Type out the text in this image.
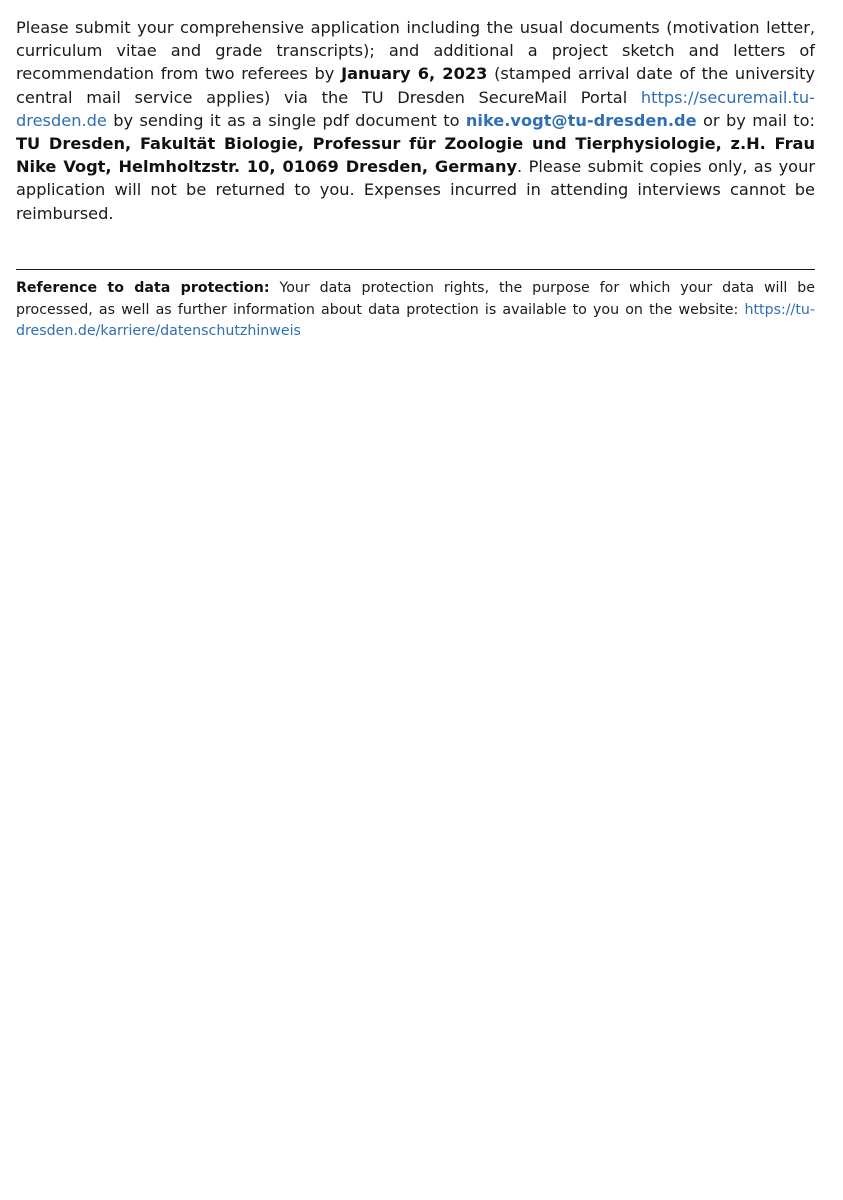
Please submit your comprehensive application including the usual documents (motivation letter, curriculum vitae and grade transcripts); and additional a project sketch and letters of recommendation from two referees by January 6, 2023 (stamped arrival date of the university central mail service applies) via the TU Dresden SecureMail Portal https://securemail.tu-dresden.de by sending it as a single pdf document to nike.vogt@tu-dresden.de or by mail to: TU Dresden, Fakultät Biologie, Professur für Zoologie und Tierphysiologie, z.H. Frau Nike Vogt, Helmholtzstr. 10, 01069 Dresden, Germany. Please submit copies only, as your application will not be returned to you. Expenses incurred in attending interviews cannot be reimbursed.

Reference to data protection: Your data protection rights, the purpose for which your data will be processed, as well as further information about data protection is available to you on the website: https://tu-dresden.de/karriere/datenschutzhinweis
